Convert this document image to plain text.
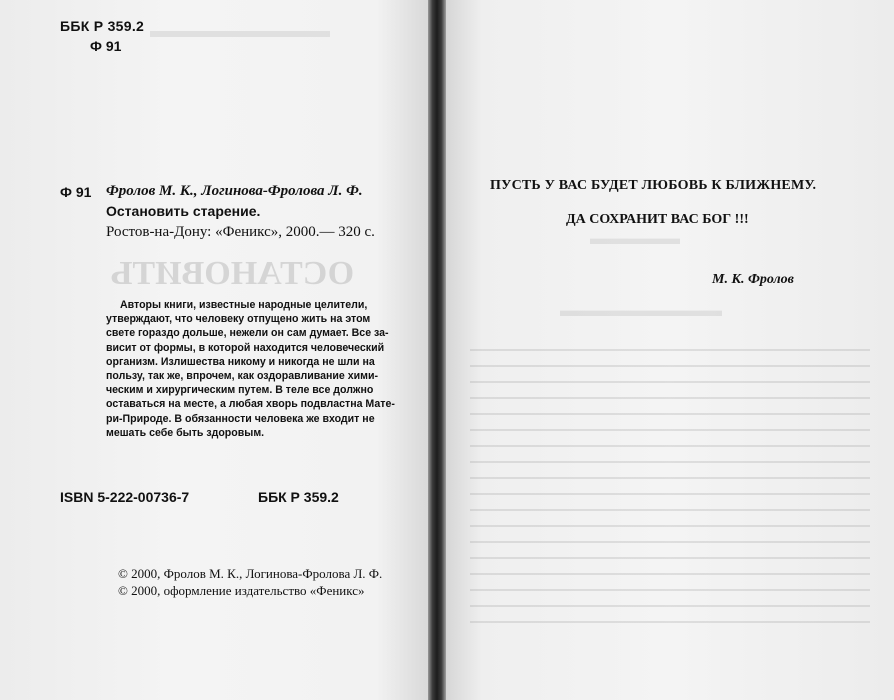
ОСТАНОВИТЬ
▬▬▬▬▬▬▬▬▬
▬▬▬▬▬
▬▬▬▬▬▬▬▬▬
ББК Р 359.2
Ф 91
Ф 91 Фролов М. К., Логинова-Фролова Л. Ф.
Остановить старение.
Ростов-на-Дону: «Феникс», 2000.— 320 с.
Авторы книги, известные народные целители,
утверждают, что человеку отпущено жить на этом
свете гораздо дольше, нежели он сам думает. Все за-
висит от формы, в которой находится человеческий
организм. Излишества никому и никогда не шли на
пользу, так же, впрочем, как оздоравливание хими-
ческим и хирургическим путем. В теле все должно
оставаться на месте, а любая хворь подвластна Мате-
ри-Природе. В обязанности человека же входит не
мешать себе быть здоровым.
ISBN 5-222-00736-7	ББК Р 359.2
© 2000, Фролов М. К., Логинова-Фролова Л. Ф.
© 2000, оформление издательство «Феникс»
ПУСТЬ У ВАС БУДЕТ ЛЮБОВЬ К БЛИЖНЕМУ.
ДА СОХРАНИТ ВАС БОГ !!!
М. К. Фролов
